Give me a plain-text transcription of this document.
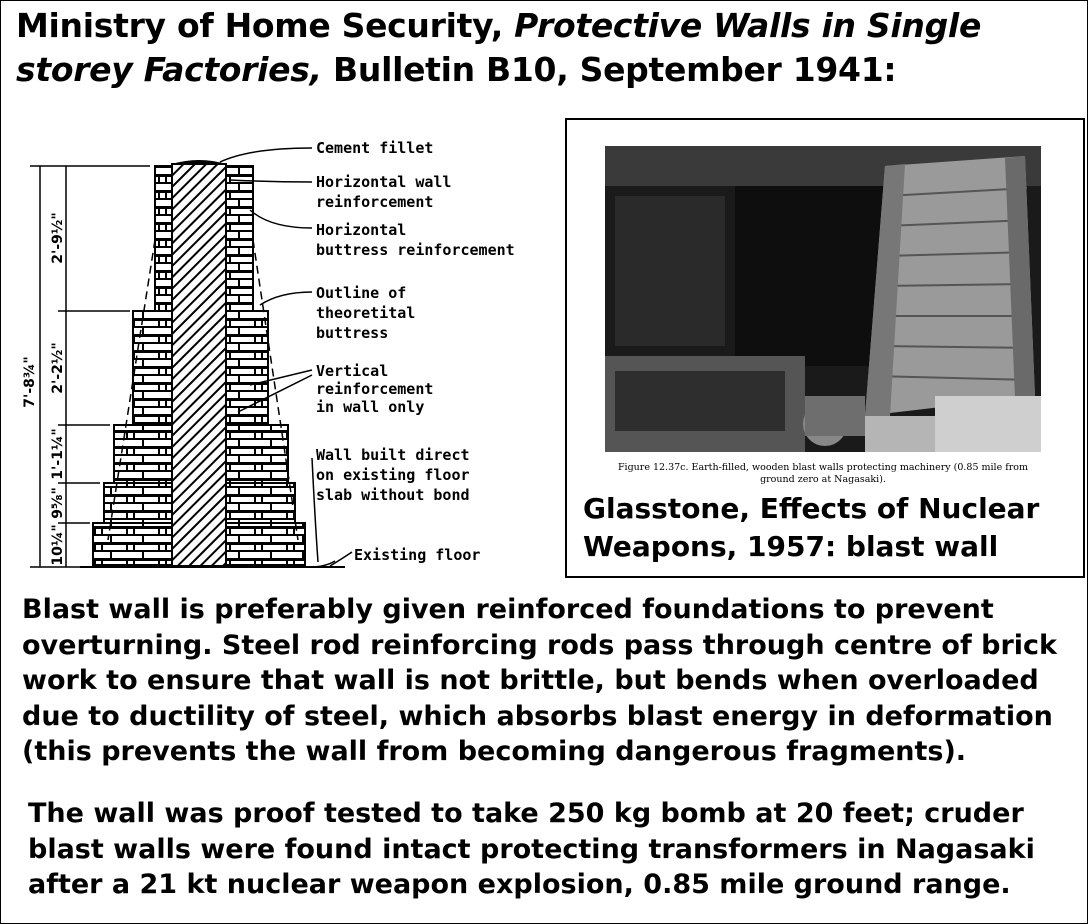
Ministry of Home Security, Protective Walls in Single storey Factories, Bulletin B10, September 1941:
7'-8¾"
2'-9½"
2'-2½"
1'-1¼"
9⅝"
10¼"
Cement fillet
Horizontal wall
reinforcement
Horizontal
buttress reinforcement
Outline of
theoretital
buttress
Vertical
reinforcement
in wall only
Wall built direct
on existing floor
slab without bond
Existing floor
Figure 12.37c. Earth-filled, wooden blast walls protecting machinery (0.85 mile from ground zero at Nagasaki).
Glasstone, Effects of Nuclear
Weapons, 1957: blast wall
Blast wall is preferably given reinforced foundations to prevent overturning. Steel rod reinforcing rods pass through centre of brick work to ensure that wall is not brittle, but bends when overloaded due to ductility of steel, which absorbs blast energy in deformation (this prevents the wall from becoming dangerous fragments).
The wall was proof tested to take 250 kg bomb at 20 feet; cruder blast walls were found intact protecting transformers in Nagasaki after a 21 kt nuclear weapon explosion, 0.85 mile ground range.
